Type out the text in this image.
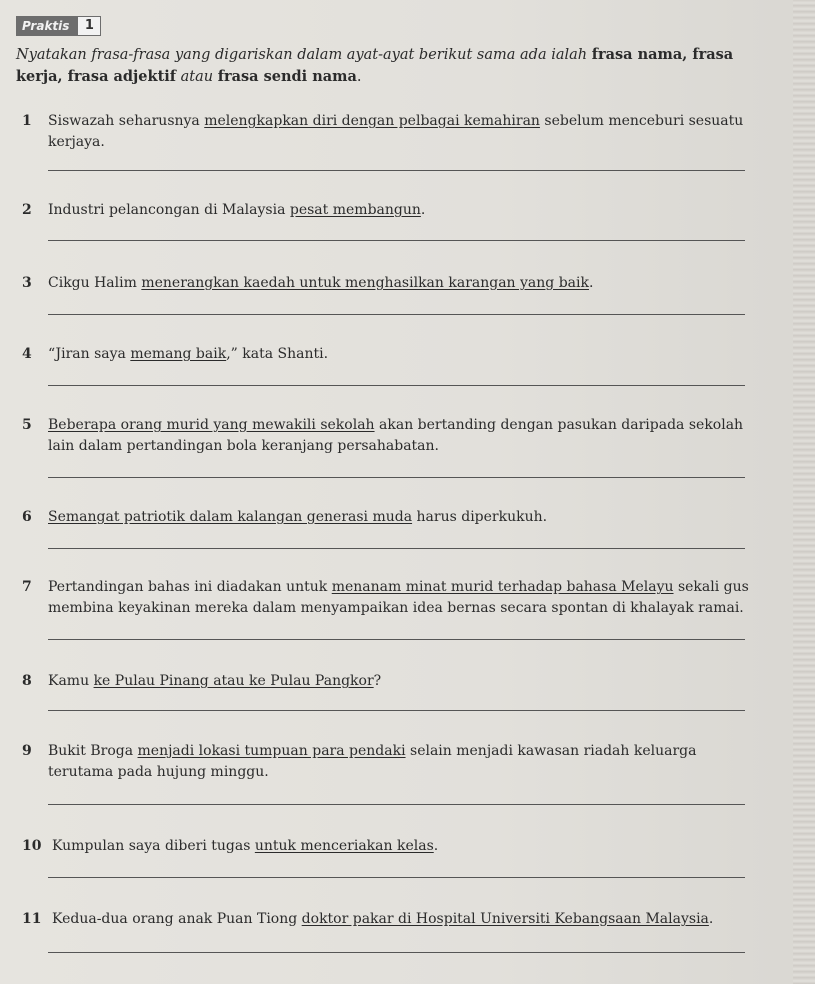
Praktis	1

Nyatakan frasa-frasa yang digariskan dalam ayat-ayat berikut sama ada ialah frasa nama, frasa kerja, frasa adjektif atau frasa sendi nama.

1 Siswazah seharusnya melengkapkan diri dengan pelbagai kemahiran sebelum menceburi sesuatu kerjaya.
2 Industri pelancongan di Malaysia pesat membangun.
3 Cikgu Halim menerangkan kaedah untuk menghasilkan karangan yang baik.
4 “Jiran saya memang baik,” kata Shanti.
5 Beberapa orang murid yang mewakili sekolah akan bertanding dengan pasukan daripada sekolah lain dalam pertandingan bola keranjang persahabatan.
6 Semangat patriotik dalam kalangan generasi muda harus diperkukuh.
7 Pertandingan bahas ini diadakan untuk menanam minat murid terhadap bahasa Melayu sekali gus membina keyakinan mereka dalam menyampaikan idea bernas secara spontan di khalayak ramai.
8 Kamu ke Pulau Pinang atau ke Pulau Pangkor?
9 Bukit Broga menjadi lokasi tumpuan para pendaki selain menjadi kawasan riadah keluarga terutama pada hujung minggu.
10 Kumpulan saya diberi tugas untuk menceriakan kelas.
11 Kedua-dua orang anak Puan Tiong doktor pakar di Hospital Universiti Kebangsaan Malaysia.
